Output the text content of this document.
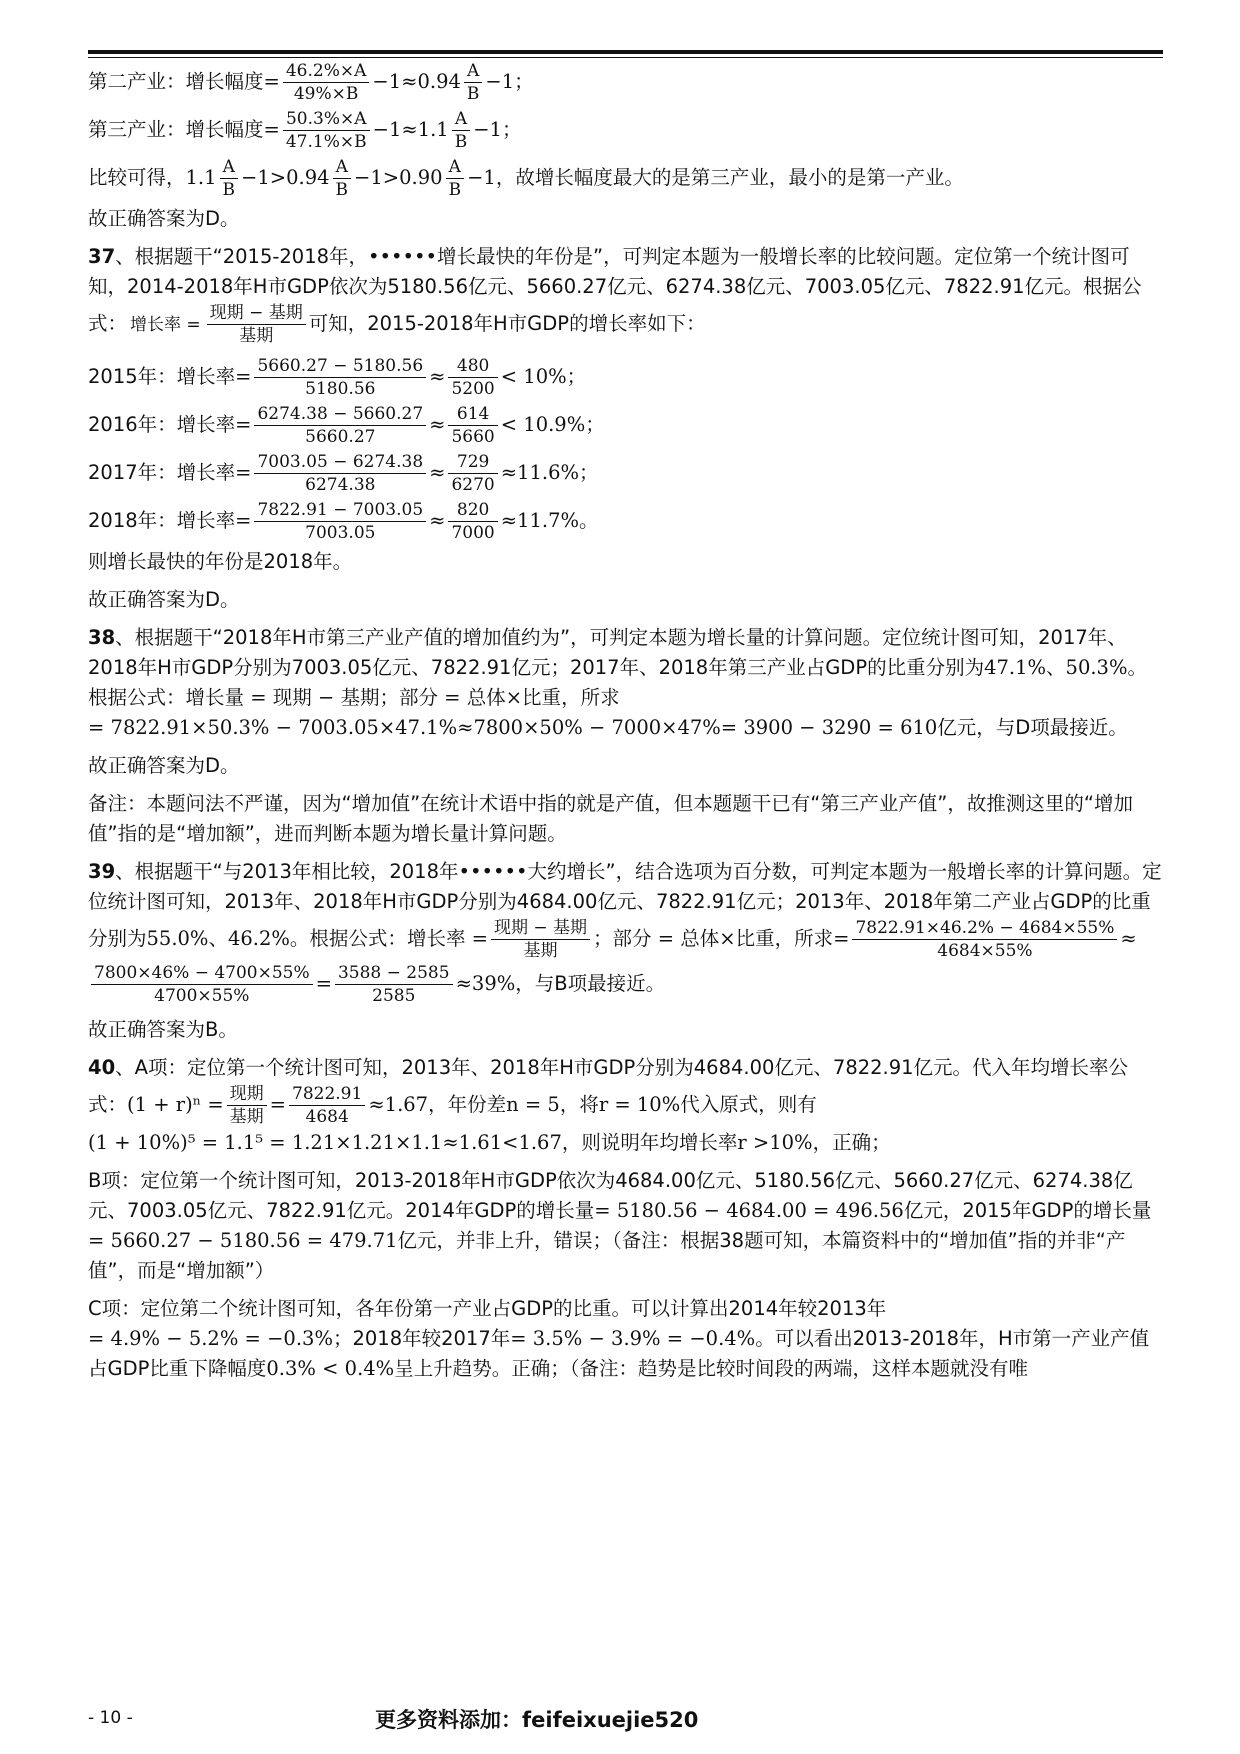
第二产业：增长幅度= $\frac{46.2\%\times A}{49\%\times B} -1\approx 0.94 \frac{A}{B} -1$；

第三产业：增长幅度= $\frac{50.3\%\times A}{47.1\%\times B} -1\approx 1.1 \frac{A}{B} -1$；

比较可得，$1.1 \frac{A}{B} -1>0.94 \frac{A}{B} -1>0.90 \frac{A}{B} -1$，故增长幅度最大的是第三产业，最小的是第一产业。

故正确答案为D。

37、根据题干“2015-2018年，••••••增长最快的年份是”，可判定本题为一般增长率的比较问题。定位第一个统计图可知，2014-2018年H市GDP依次为5180.56亿元、5660.27亿元、6274.38亿元、7003.05亿元、7822.91亿元。根据公式： 增长率 = $\frac{\text{现期 − 基期}}{\text{基期}}$ 可知，2015-2018年H市GDP的增长率如下：

2015年：增长率= $\frac{5660.27 - 5180.56}{5180.56} \approx \frac{480}{5200} < 10\%$；

2016年：增长率= $\frac{6274.38 - 5660.27}{5660.27} \approx \frac{614}{5660} < 10.9\%$；

2017年：增长率= $\frac{7003.05 - 6274.38}{6274.38} \approx \frac{729}{6270} \approx 11.6\%$；

2018年：增长率= $\frac{7822.91 - 7003.05}{7003.05} \approx \frac{820}{7000} \approx 11.7\%$。

则增长最快的年份是2018年。

故正确答案为D。

38、根据题干“2018年H市第三产业产值的增加值约为”，可判定本题为增长量的计算问题。定位统计图可知，2017年、2018年H市GDP分别为7003.05亿元、7822.91亿元；2017年、2018年第三产业占GDP的比重分别为47.1%、50.3%。根据公式：增长量 = 现期 − 基期；部分 = 总体×比重，所求
= 7822.91×50.3% − 7003.05×47.1%≈7800×50% − 7000×47%= 3900 − 3290 = 610亿元，与D项最接近。

故正确答案为D。

备注：本题问法不严谨，因为“增加值”在统计术语中指的就是产值，但本题题干已有“第三产业产值”，故推测这里的“增加值”指的是“增加额”，进而判断本题为增长量计算问题。

39、根据题干“与2013年相比较，2018年••••••大约增长”，结合选项为百分数，可判定本题为一般增长率的计算问题。定位统计图可知，2013年、2018年H市GDP分别为4684.00亿元、7822.91亿元；2013年、2018年第二产业占GDP的比重分别为55.0%、46.2%。根据公式：增长率 = $\frac{\text{现期 − 基期}}{\text{基期}}$ ；部分 = 总体×比重，所求= $\frac{7822.91\times 46.2\% - 4684\times 55\%}{4684\times 55\%}$ ≈
$\frac{7800\times 46\% - 4700\times 55\%}{4700\times 55\%} = \frac{3588 - 2585}{2585} \approx 39\%$，与B项最接近。

故正确答案为B。

40、A项：定位第一个统计图可知，2013年、2018年H市GDP分别为4684.00亿元、7822.91亿元。代入年均增长率公式：$(1 + r)^n = \frac{\text{现期}}{\text{基期}} = \frac{7822.91}{4684} \approx 1.67$，年份差n = 5，将r = 10%代入原式，则有
(1 + 10%)⁵ = 1.1⁵ = 1.21×1.21×1.1≈1.61<1.67，则说明年均增长率r >10%，正确；

B项：定位第一个统计图可知，2013-2018年H市GDP依次为4684.00亿元、5180.56亿元、5660.27亿元、6274.38亿元、7003.05亿元、7822.91亿元。2014年GDP的增长量= 5180.56 − 4684.00 = 496.56亿元，2015年GDP的增长量= 5660.27 − 5180.56 = 479.71亿元，并非上升，错误；（备注：根据38题可知，本篇资料中的“增加值”指的并非“产值”，而是“增加额”）

C项：定位第二个统计图可知，各年份第一产业占GDP的比重。可以计算出2014年较2013年
= 4.9% − 5.2% = −0.3%；2018年较2017年= 3.5% − 3.9% = −0.4%。可以看出2013-2018年，H市第一产业产值占GDP比重下降幅度0.3% < 0.4%呈上升趋势。正确；（备注：趋势是比较时间段的两端，这样本题就没有唯

- 10 -	更多资料添加：feifeixuejie520
